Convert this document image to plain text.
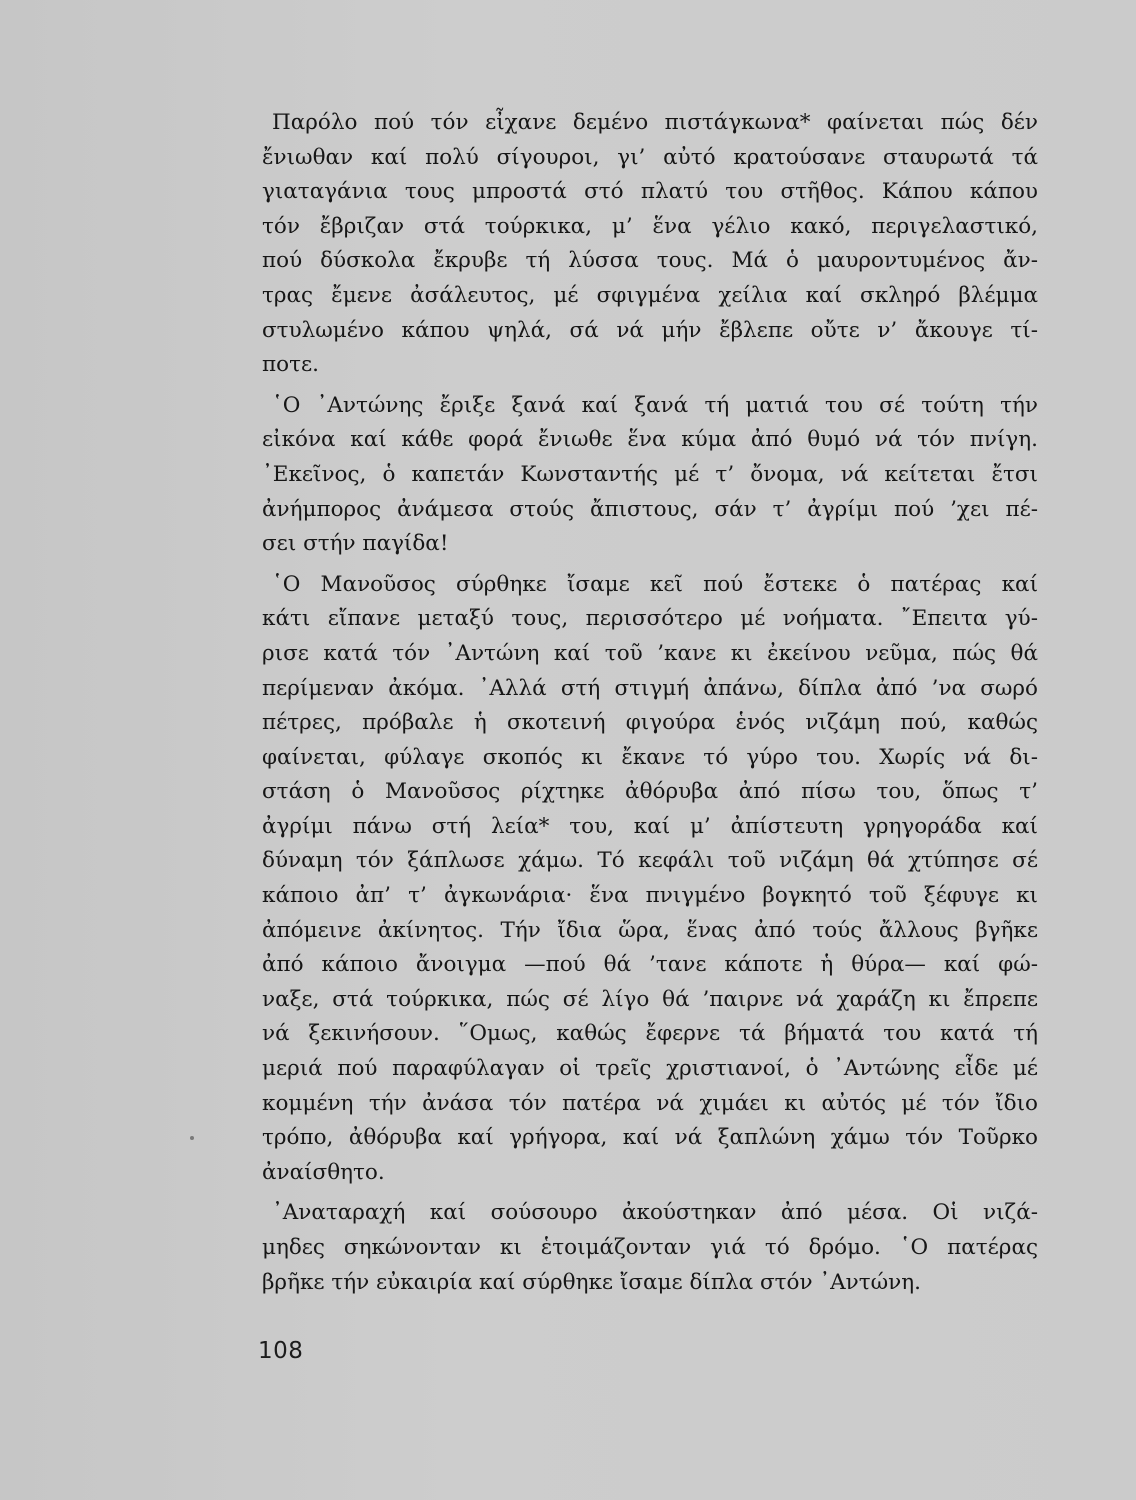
Παρόλο πού τόν εἶχανε δεμένο πιστάγκωνα* φαίνεται πώς δέν
ἔνιωθαν καί πολύ σίγουροι, γι’ αὐτό κρατούσανε σταυρωτά τά
γιαταγάνια τους μπροστά στό πλατύ του στῆθος. Κάπου κάπου
τόν ἔβριζαν στά τούρκικα, μ’ ἕνα γέλιο κακό, περιγελαστικό,
πού δύσκολα ἔκρυβε τή λύσσα τους. Μά ὁ μαυροντυμένος ἄν-
τρας ἔμενε ἀσάλευτος, μέ σφιγμένα χείλια καί σκληρό βλέμμα
στυλωμένο κάπου ψηλά, σά νά μήν ἔβλεπε οὔτε ν’ ἄκουγε τί-
ποτε.
῾Ο ᾿Αντώνης ἔριξε ξανά καί ξανά τή ματιά του σέ τούτη τήν
εἰκόνα καί κάθε φορά ἔνιωθε ἕνα κύμα ἀπό θυμό νά τόν πνίγη.
᾿Εκεῖνος, ὁ καπετάν Κωνσταντής μέ τ’ ὄνομα, νά κείτεται ἔτσι
ἀνήμπορος ἀνάμεσα στούς ἄπιστους, σάν τ’ ἀγρίμι πού ’χει πέ-
σει στήν παγίδα!
῾Ο Μανοῦσος σύρθηκε ἴσαμε κεῖ πού ἔστεκε ὁ πατέρας καί
κάτι εἴπανε μεταξύ τους, περισσότερο μέ νοήματα. ῎Επειτα γύ-
ρισε κατά τόν ᾿Αντώνη καί τοῦ ’κανε κι ἐκείνου νεῦμα, πώς θά
περίμεναν ἀκόμα. ᾿Αλλά στή στιγμή ἀπάνω, δίπλα ἀπό ’να σωρό
πέτρες, πρόβαλε ἡ σκοτεινή φιγούρα ἑνός νιζάμη πού, καθώς
φαίνεται, φύλαγε σκοπός κι ἔκανε τό γύρο του. Χωρίς νά δι-
στάση ὁ Μανοῦσος ρίχτηκε ἀθόρυβα ἀπό πίσω του, ὅπως τ’
ἀγρίμι πάνω στή λεία* του, καί μ’ ἀπίστευτη γρηγοράδα καί
δύναμη τόν ξάπλωσε χάμω. Τό κεφάλι τοῦ νιζάμη θά χτύπησε σέ
κάποιο ἀπ’ τ’ ἀγκωνάρια· ἕνα πνιγμένο βογκητό τοῦ ξέφυγε κι
ἀπόμεινε ἀκίνητος. Τήν ἴδια ὥρα, ἕνας ἀπό τούς ἄλλους βγῆκε
ἀπό κάποιο ἄνοιγμα —πού θά ’τανε κάποτε ἡ θύρα— καί φώ-
ναξε, στά τούρκικα, πώς σέ λίγο θά ’παιρνε νά χαράζη κι ἔπρεπε
νά ξεκινήσουν. ῞Ομως, καθώς ἔφερνε τά βήματά του κατά τή
μεριά πού παραφύλαγαν οἱ τρεῖς χριστιανοί, ὁ ᾿Αντώνης εἶδε μέ
κομμένη τήν ἀνάσα τόν πατέρα νά χιμάει κι αὐτός μέ τόν ἴδιο
τρόπο, ἀθόρυβα καί γρήγορα, καί νά ξαπλώνη χάμω τόν Τοῦρκο
ἀναίσθητο.
᾿Αναταραχή καί σούσουρο ἀκούστηκαν ἀπό μέσα. Οἱ νιζά-
μηδες σηκώνονταν κι ἑτοιμάζονταν γιά τό δρόμο. ῾Ο πατέρας
βρῆκε τήν εὐκαιρία καί σύρθηκε ἴσαμε δίπλα στόν ᾿Αντώνη.
108
